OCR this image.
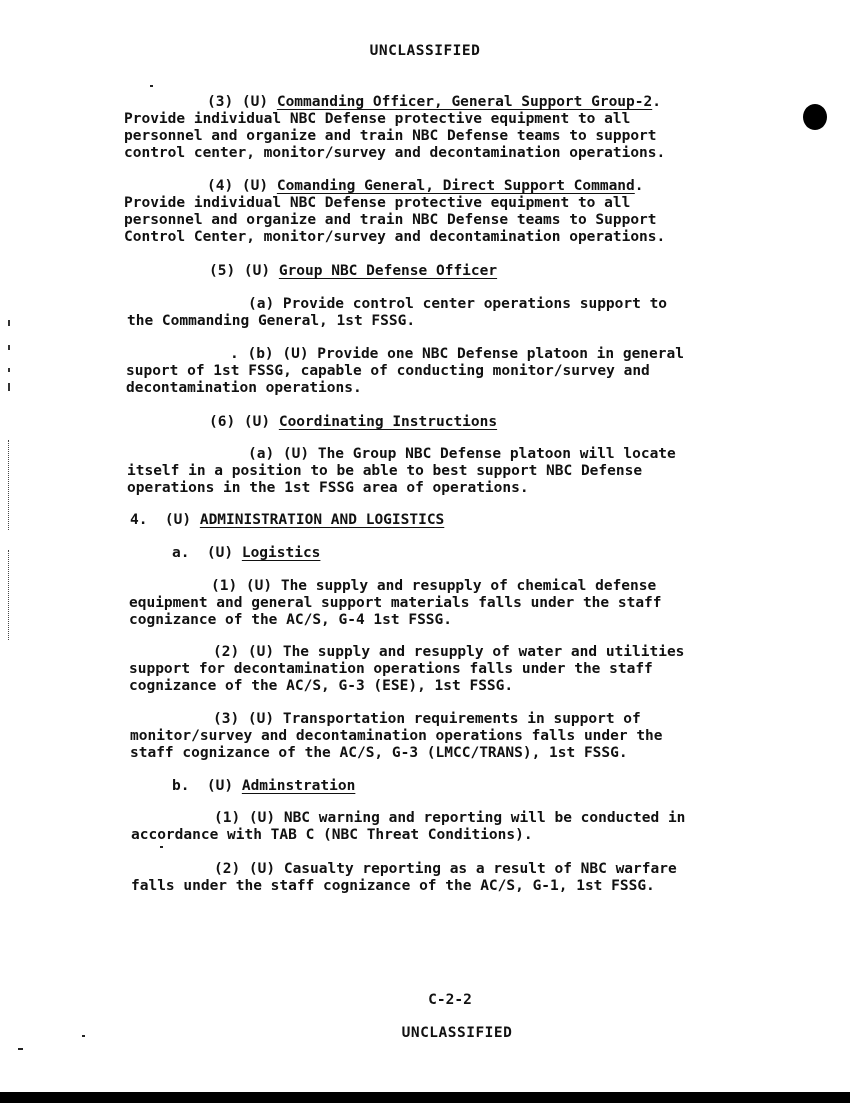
UNCLASSIFIED
(3) (U) Commanding Officer, General Support Group-2.
Provide individual NBC Defense protective equipment to all
personnel and organize and train NBC Defense teams to support
control center, monitor/survey and decontamination operations.
(4) (U) Comanding General, Direct Support Command.
Provide individual NBC Defense protective equipment to all
personnel and organize and train NBC Defense teams to Support
Control Center, monitor/survey and decontamination operations.
(5) (U) Group NBC Defense Officer
(a) Provide control center operations support to
the Commanding General, 1st FSSG.
. (b) (U) Provide one NBC Defense platoon in general
suport of 1st FSSG, capable of conducting monitor/survey and
decontamination operations.
(6) (U) Coordinating Instructions
(a) (U) The Group NBC Defense platoon will locate
itself in a position to be able to best support NBC Defense
operations in the 1st FSSG area of operations.
4.  (U) ADMINISTRATION AND LOGISTICS
a.  (U) Logistics
(1) (U) The supply and resupply of chemical defense
equipment and general support materials falls under the staff
cognizance of the AC/S, G-4 1st FSSG.
(2) (U) The supply and resupply of water and utilities
support for decontamination operations falls under the staff
cognizance of the AC/S, G-3 (ESE), 1st FSSG.
(3) (U) Transportation requirements in support of
monitor/survey and decontamination operations falls under the
staff cognizance of the AC/S, G-3 (LMCC/TRANS), 1st FSSG.
b.  (U) Adminstration
(1) (U) NBC warning and reporting will be conducted in
accordance with TAB C (NBC Threat Conditions).
(2) (U) Casualty reporting as a result of NBC warfare
falls under the staff cognizance of the AC/S, G-1, 1st FSSG.
C-2-2
UNCLASSIFIED
